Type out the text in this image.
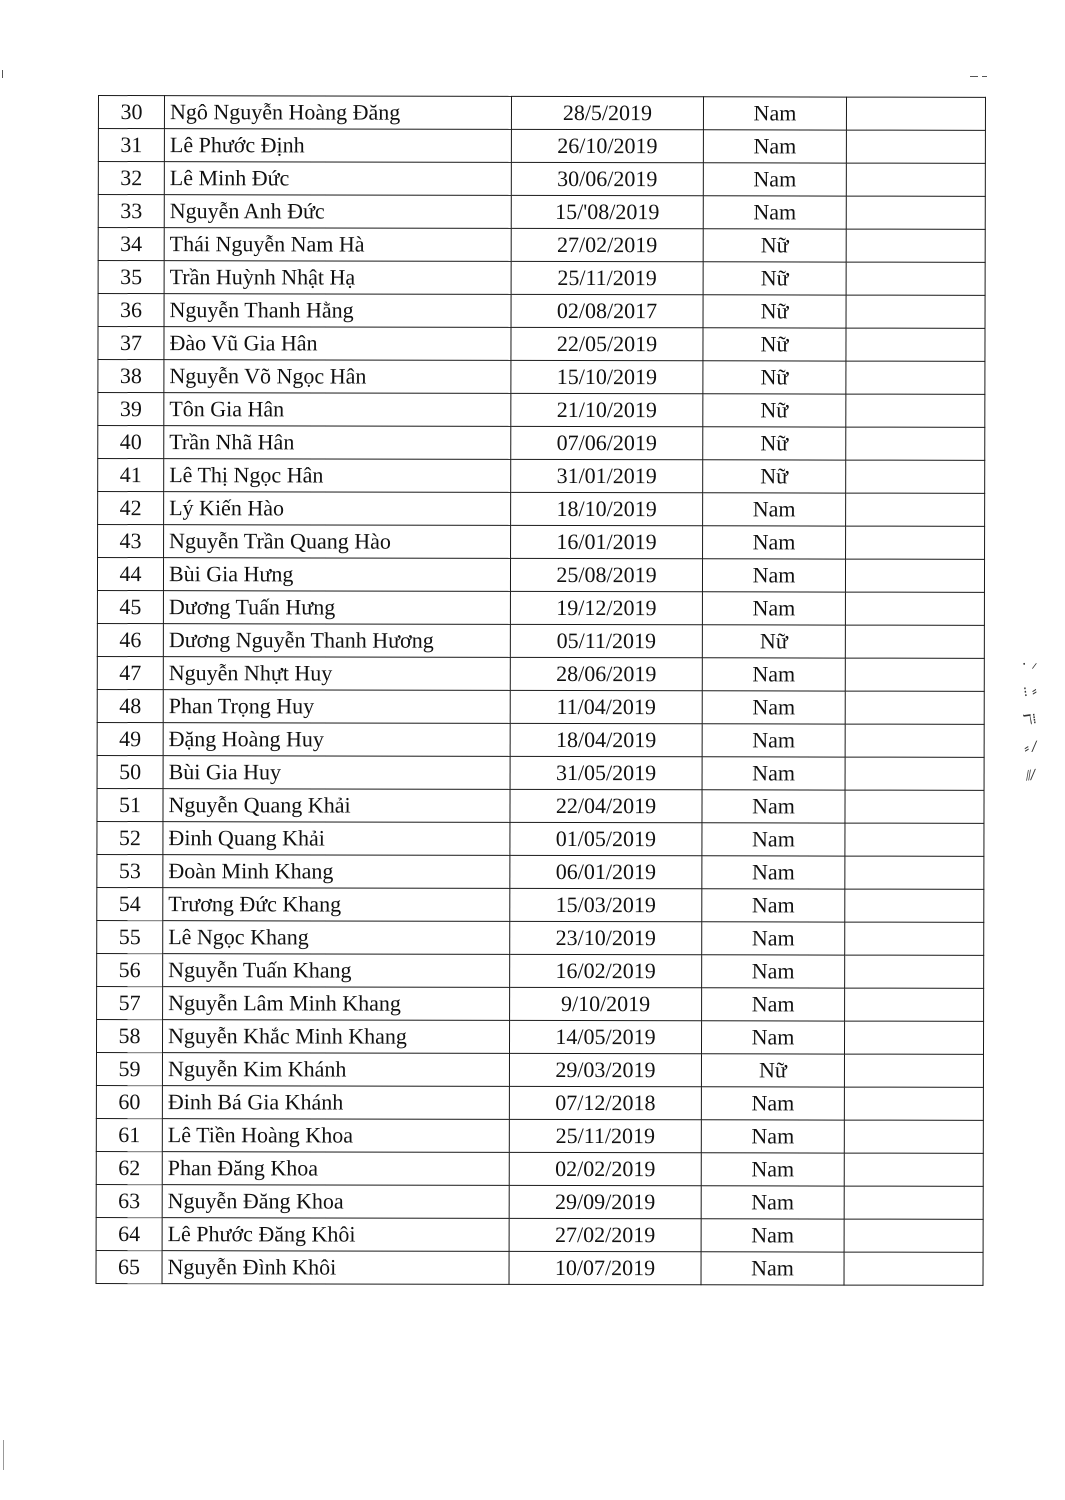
⸱ ⸝
⁝ ⸗
ℸ⁞
⸗ ⁄
⫽⁄
30	Ngô Nguyễn Hoàng Đăng	28/5/2019	Nam	
31	Lê Phước Định	26/10/2019	Nam	
32	Lê Minh Đức	30/06/2019	Nam	
33	Nguyễn Anh Đức	15/'08/2019	Nam	
34	Thái Nguyễn Nam Hà	27/02/2019	Nữ	
35	Trần Huỳnh Nhật Hạ	25/11/2019	Nữ	
36	Nguyễn Thanh Hằng	02/08/2017	Nữ	
37	Đào Vũ Gia Hân	22/05/2019	Nữ	
38	Nguyễn Võ Ngọc Hân	15/10/2019	Nữ	
39	Tôn Gia Hân	21/10/2019	Nữ	
40	Trần Nhã Hân	07/06/2019	Nữ	
41	Lê Thị Ngọc Hân	31/01/2019	Nữ	
42	Lý Kiến Hào	18/10/2019	Nam	
43	Nguyễn Trần Quang Hào	16/01/2019	Nam	
44	Bùi Gia Hưng	25/08/2019	Nam	
45	Dương Tuấn Hưng	19/12/2019	Nam	
46	Dương Nguyễn Thanh Hương	05/11/2019	Nữ	
47	Nguyễn Nhựt Huy	28/06/2019	Nam	
48	Phan Trọng Huy	11/04/2019	Nam	
49	Đặng Hoàng Huy	18/04/2019	Nam	
50	Bùi Gia Huy	31/05/2019	Nam	
51	Nguyễn Quang Khải	22/04/2019	Nam	
52	Đinh Quang Khải	01/05/2019	Nam	
53	Đoàn Minh Khang	06/01/2019	Nam	
54	Trương Đức Khang	15/03/2019	Nam	
55	Lê Ngọc Khang	23/10/2019	Nam	
56	Nguyễn Tuấn Khang	16/02/2019	Nam	
57	Nguyễn Lâm Minh Khang	9/10/2019	Nam	
58	Nguyễn Khắc Minh Khang	14/05/2019	Nam	
59	Nguyễn Kim Khánh	29/03/2019	Nữ	
60	Đinh Bá Gia Khánh	07/12/2018	Nam	
61	Lê Tiền Hoàng Khoa	25/11/2019	Nam	
62	Phan Đăng Khoa	02/02/2019	Nam	
63	Nguyễn Đăng Khoa	29/09/2019	Nam	
64	Lê Phước Đăng Khôi	27/02/2019	Nam	
65	Nguyễn Đình Khôi	10/07/2019	Nam	
